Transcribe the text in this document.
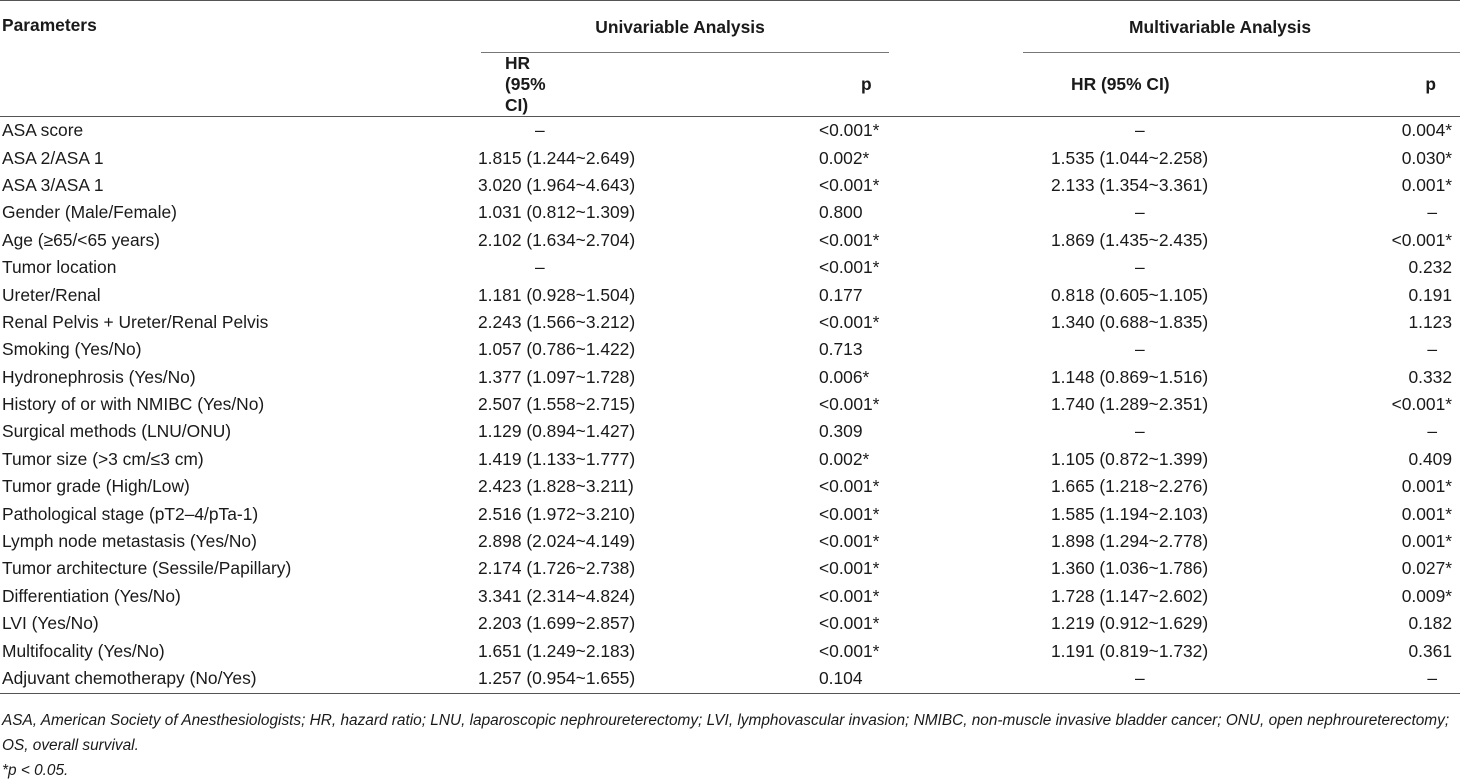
Parameters	Univariable Analysis		Multivariable Analysis	

	HR (95% CI)	p	HR (95% CI)	p
ASA score	–	<0.001*	–	0.004*
ASA 2/ASA 1	1.815 (1.244~2.649)	0.002*	1.535 (1.044~2.258)	0.030*
ASA 3/ASA 1	3.020 (1.964~4.643)	<0.001*	2.133 (1.354~3.361)	0.001*
Gender (Male/Female)	1.031 (0.812~1.309)	0.800	–	–
Age (≥65/<65 years)	2.102 (1.634~2.704)	<0.001*	1.869 (1.435~2.435)	<0.001*
Tumor location	–	<0.001*	–	0.232
Ureter/Renal	1.181 (0.928~1.504)	0.177	0.818 (0.605~1.105)	0.191
Renal Pelvis + Ureter/Renal Pelvis	2.243 (1.566~3.212)	<0.001*	1.340 (0.688~1.835)	1.123
Smoking (Yes/No)	1.057 (0.786~1.422)	0.713	–	–
Hydronephrosis (Yes/No)	1.377 (1.097~1.728)	0.006*	1.148 (0.869~1.516)	0.332
History of or with NMIBC (Yes/No)	2.507 (1.558~2.715)	<0.001*	1.740 (1.289~2.351)	<0.001*
Surgical methods (LNU/ONU)	1.129 (0.894~1.427)	0.309	–	–
Tumor size (>3 cm/≤3 cm)	1.419 (1.133~1.777)	0.002*	1.105 (0.872~1.399)	0.409
Tumor grade (High/Low)	2.423 (1.828~3.211)	<0.001*	1.665 (1.218~2.276)	0.001*
Pathological stage (pT2–4/pTa-1)	2.516 (1.972~3.210)	<0.001*	1.585 (1.194~2.103)	0.001*
Lymph node metastasis (Yes/No)	2.898 (2.024~4.149)	<0.001*	1.898 (1.294~2.778)	0.001*
Tumor architecture (Sessile/Papillary)	2.174 (1.726~2.738)	<0.001*	1.360 (1.036~1.786)	0.027*
Differentiation (Yes/No)	3.341 (2.314~4.824)	<0.001*	1.728 (1.147~2.602)	0.009*
LVI (Yes/No)	2.203 (1.699~2.857)	<0.001*	1.219 (0.912~1.629)	0.182
Multifocality (Yes/No)	1.651 (1.249~2.183)	<0.001*	1.191 (0.819~1.732)	0.361
Adjuvant chemotherapy (No/Yes)	1.257 (0.954~1.655)	0.104	–	–
ASA, American Society of Anesthesiologists; HR, hazard ratio; LNU, laparoscopic nephroureterectomy; LVI, lymphovascular invasion; NMIBC, non-muscle invasive bladder cancer; ONU, open nephroureterectomy; OS, overall survival.
*p < 0.05.
